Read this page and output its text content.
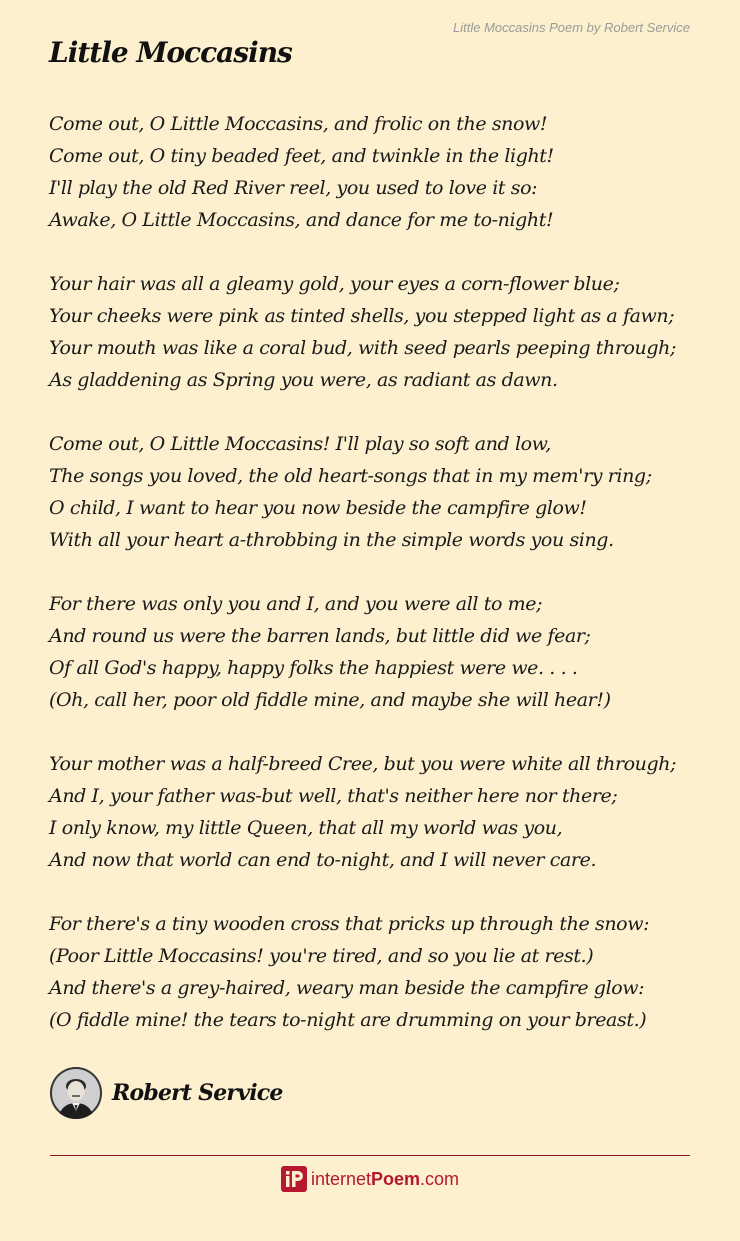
Little Moccasins Poem by Robert Service
Little Moccasins
Come out, O Little Moccasins, and frolic on the snow!
Come out, O tiny beaded feet, and twinkle in the light!
I'll play the old Red River reel, you used to love it so:
Awake, O Little Moccasins, and dance for me to-night!
Your hair was all a gleamy gold, your eyes a corn-flower blue;
Your cheeks were pink as tinted shells, you stepped light as a fawn;
Your mouth was like a coral bud, with seed pearls peeping through;
As gladdening as Spring you were, as radiant as dawn.
Come out, O Little Moccasins! I'll play so soft and low,
The songs you loved, the old heart-songs that in my mem'ry ring;
O child, I want to hear you now beside the campfire glow!
With all your heart a-throbbing in the simple words you sing.
For there was only you and I, and you were all to me;
And round us were the barren lands, but little did we fear;
Of all God's happy, happy folks the happiest were we. . . .
(Oh, call her, poor old fiddle mine, and maybe she will hear!)
Your mother was a half-breed Cree, but you were white all through;
And I, your father was-but well, that's neither here nor there;
I only know, my little Queen, that all my world was you,
And now that world can end to-night, and I will never care.
For there's a tiny wooden cross that pricks up through the snow:
(Poor Little Moccasins! you're tired, and so you lie at rest.)
And there's a grey-haired, weary man beside the campfire glow:
(O fiddle mine! the tears to-night are drumming on your breast.)
Robert Service
internet Poem .com
